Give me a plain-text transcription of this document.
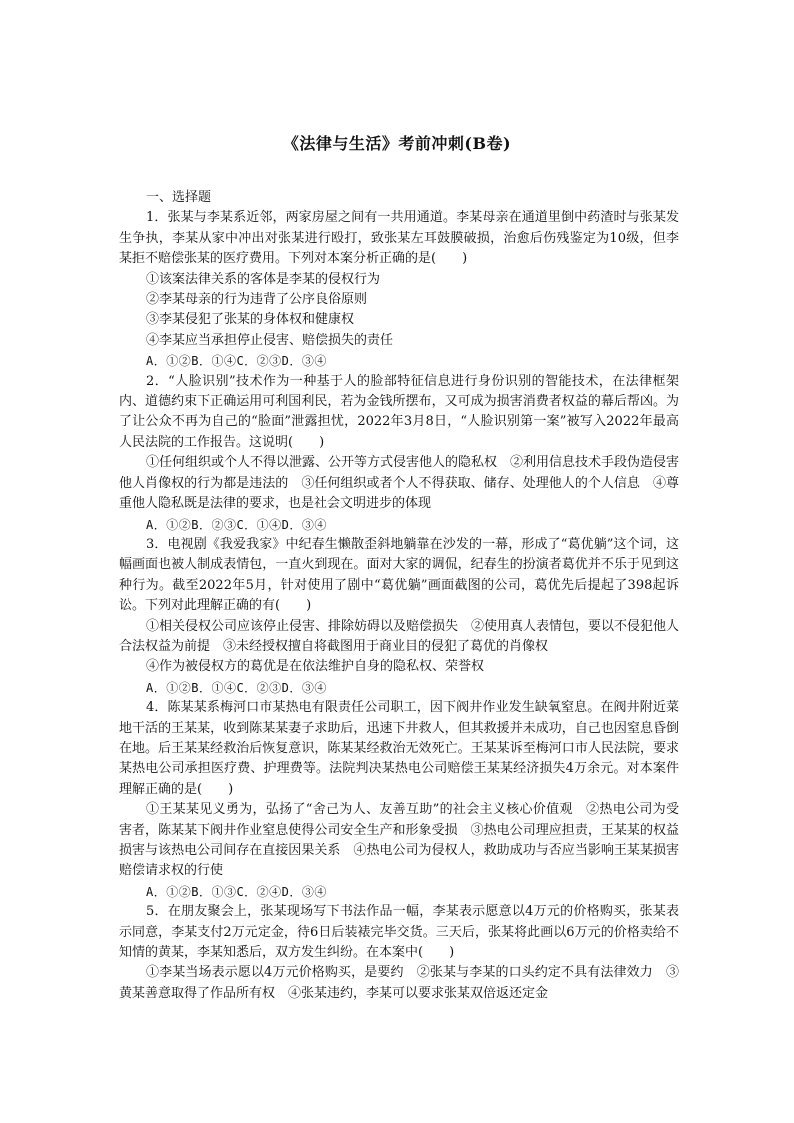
《法律与生活》考前冲刺(B卷)

一、选择题

1．张某与李某系近邻，两家房屋之间有一共用通道。李某母亲在通道里倒中药渣时与张某发生争执，李某从家中冲出对张某进行殴打，致张某左耳鼓膜破损，治愈后伤残鉴定为10级，但李某拒不赔偿张某的医疗费用。下列对本案分析正确的是(　　)

①该案法律关系的客体是李某的侵权行为

②李某母亲的行为违背了公序良俗原则

③李某侵犯了张某的身体权和健康权

④李某应当承担停止侵害、赔偿损失的责任

A．①②B．①④C．②③D．③④

2．“人脸识别”技术作为一种基于人的脸部特征信息进行身份识别的智能技术，在法律框架内、道德约束下正确运用可利国利民，若为金钱所摆布，又可成为损害消费者权益的幕后帮凶。为了让公众不再为自己的“脸面”泄露担忧，2022年3月8日，“人脸识别第一案”被写入2022年最高人民法院的工作报告。这说明(　　)

①任何组织或个人不得以泄露、公开等方式侵害他人的隐私权　②利用信息技术手段伪造侵害他人肖像权的行为都是违法的　③任何组织或者个人不得获取、储存、处理他人的个人信息　④尊重他人隐私既是法律的要求，也是社会文明进步的体现

A．①②B．②③C．①④D．③④

3．电视剧《我爱我家》中纪春生懒散歪斜地躺靠在沙发的一幕，形成了“葛优躺”这个词，这幅画面也被人制成表情包，一直火到现在。面对大家的调侃，纪春生的扮演者葛优并不乐于见到这种行为。截至2022年5月，针对使用了剧中“葛优躺”画面截图的公司，葛优先后提起了398起诉讼。下列对此理解正确的有(　　)

①相关侵权公司应该停止侵害、排除妨碍以及赔偿损失　②使用真人表情包，要以不侵犯他人合法权益为前提　③未经授权擅自将截图用于商业目的侵犯了葛优的肖像权

④作为被侵权方的葛优是在依法维护自身的隐私权、荣誉权

A．①②B．①④C．②③D．③④

4．陈某某系梅河口市某热电有限责任公司职工，因下阀井作业发生缺氧窒息。在阀井附近菜地干活的王某某，收到陈某某妻子求助后，迅速下井救人，但其救援并未成功，自己也因窒息昏倒在地。后王某某经救治后恢复意识，陈某某经救治无效死亡。王某某诉至梅河口市人民法院，要求某热电公司承担医疗费、护理费等。法院判决某热电公司赔偿王某某经济损失4万余元。对本案件理解正确的是(　　)

①王某某见义勇为，弘扬了“舍己为人、友善互助”的社会主义核心价值观　②热电公司为受害者，陈某某下阀井作业窒息使得公司安全生产和形象受损　③热电公司理应担责，王某某的权益损害与该热电公司间存在直接因果关系　④热电公司为侵权人，救助成功与否应当影响王某某损害赔偿请求权的行使

A．①②B．①③C．②④D．③④

5．在朋友聚会上，张某现场写下书法作品一幅，李某表示愿意以4万元的价格购买，张某表示同意，李某支付2万元定金，待6日后装裱完毕交货。三天后，张某将此画以6万元的价格卖给不知情的黄某，李某知悉后，双方发生纠纷。在本案中(　　)

①李某当场表示愿以4万元价格购买，是要约　②张某与李某的口头约定不具有法律效力　③黄某善意取得了作品所有权　④张某违约，李某可以要求张某双倍返还定金
